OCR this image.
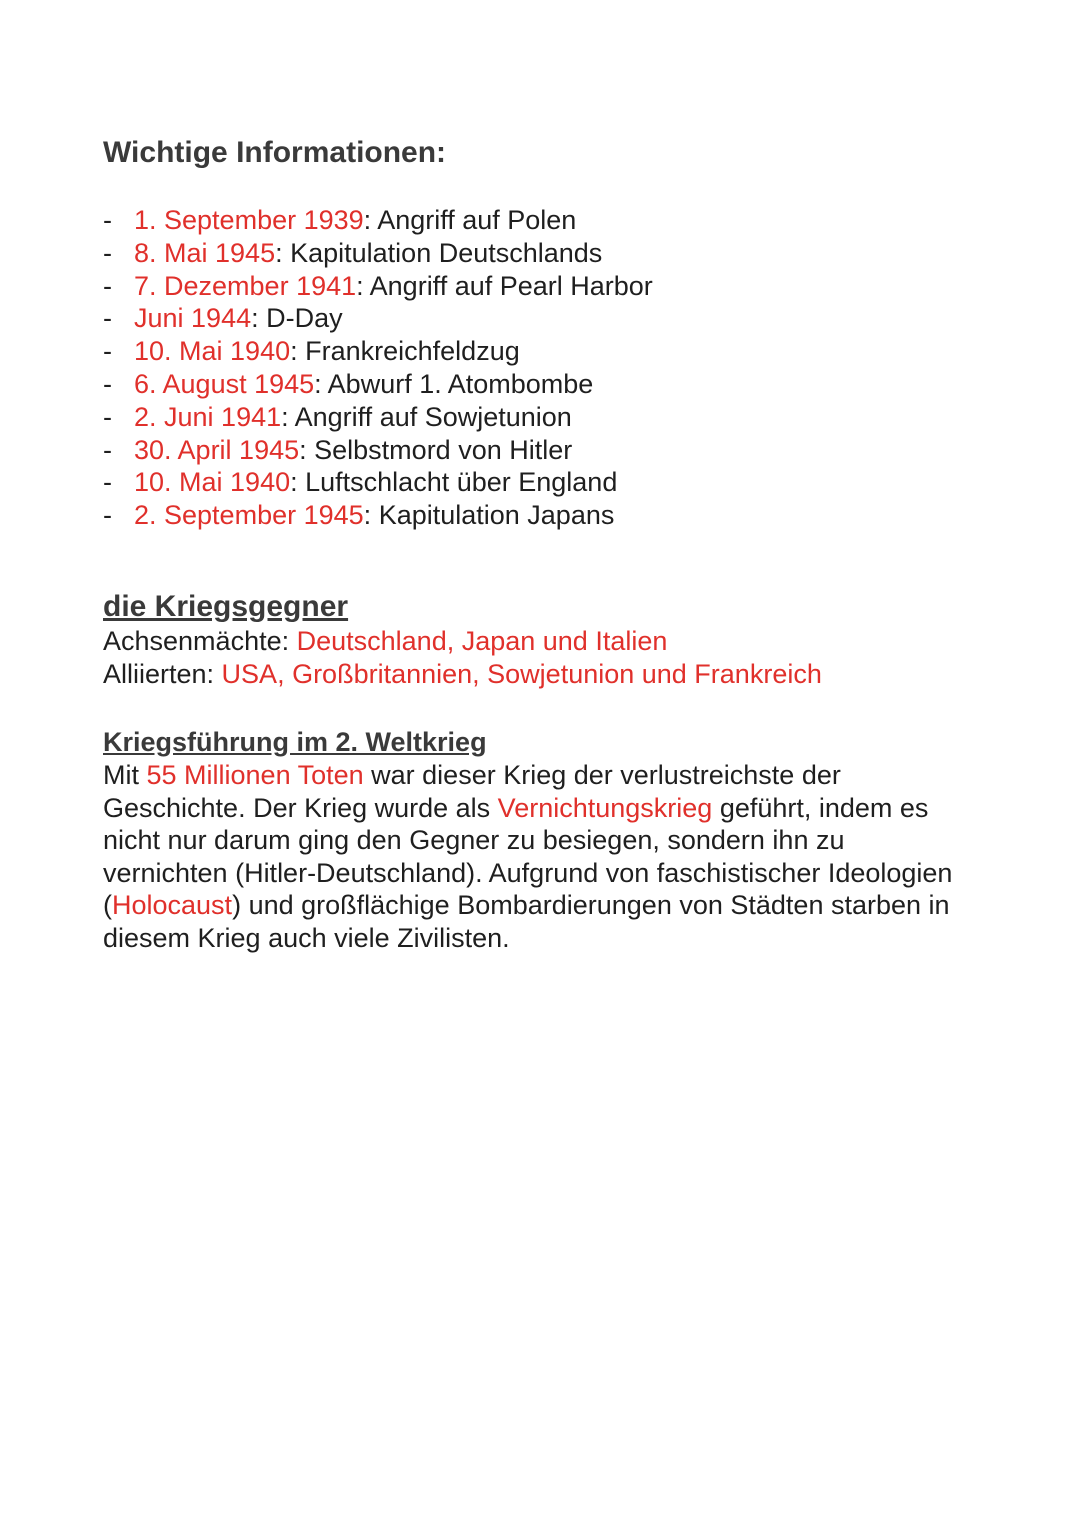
Wichtige Informationen:
- 1. September 1939: Angriff auf Polen
- 8. Mai 1945: Kapitulation Deutschlands
- 7. Dezember 1941: Angriff auf Pearl Harbor
- Juni 1944: D-Day
- 10. Mai 1940: Frankreichfeldzug
- 6. August 1945: Abwurf 1. Atombombe
- 2. Juni 1941: Angriff auf Sowjetunion
- 30. April 1945: Selbstmord von Hitler
- 10. Mai 1940: Luftschlacht über England
- 2. September 1945: Kapitulation Japans
die Kriegsgegner
Achsenmächte: Deutschland, Japan und Italien
Alliierten: USA, Großbritannien, Sowjetunion und Frankreich
Kriegsführung im 2. Weltkrieg
Mit 55 Millionen Toten war dieser Krieg der verlustreichste der Geschichte. Der Krieg wurde als Vernichtungskrieg geführt, indem es nicht nur darum ging den Gegner zu besiegen, sondern ihn zu vernichten (Hitler-Deutschland). Aufgrund von faschistischer Ideologien (Holocaust) und großflächige Bombardierungen von Städten starben in diesem Krieg auch viele Zivilisten.
